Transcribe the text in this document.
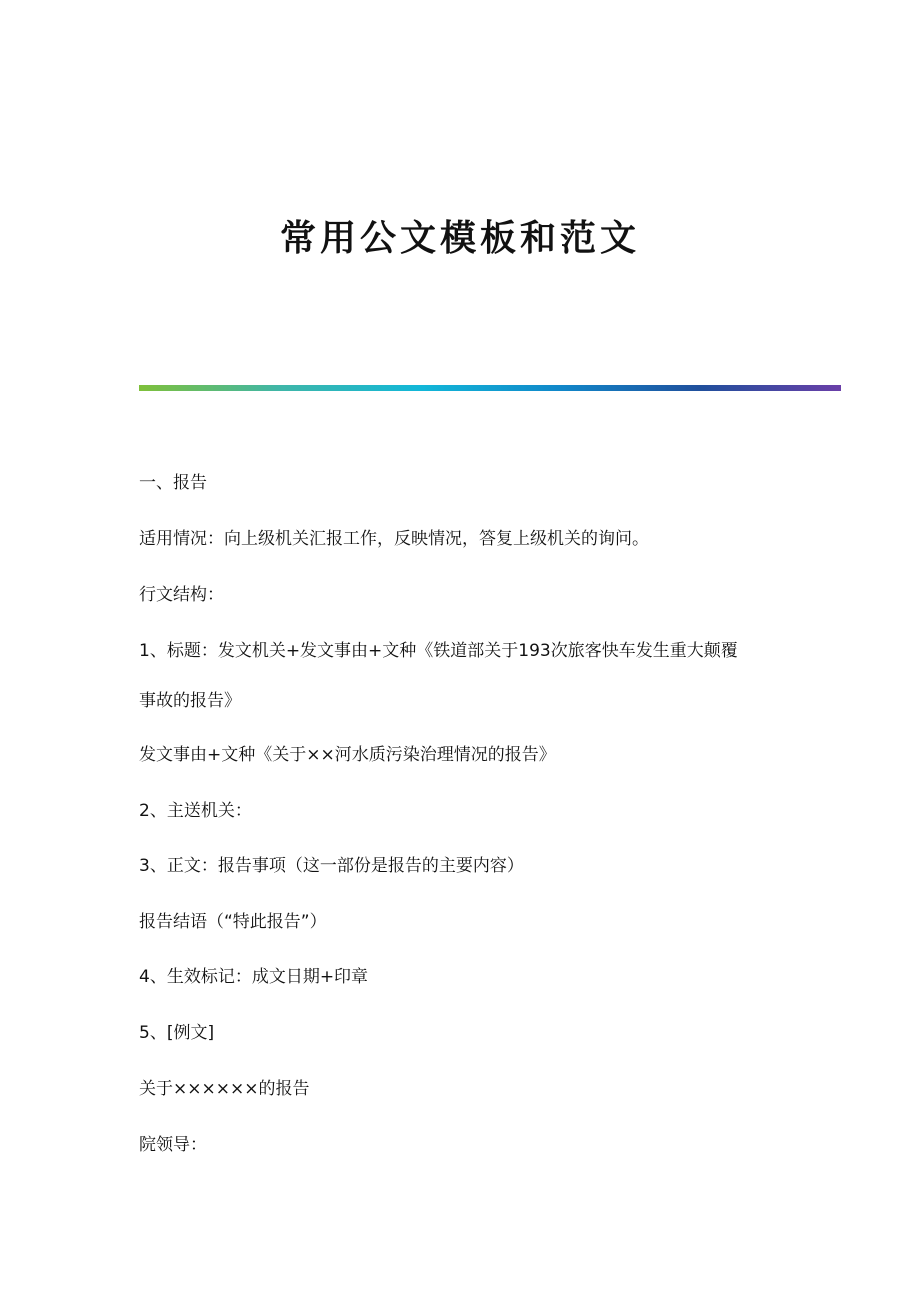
常用公文模板和范文
一、报告
适用情况：向上级机关汇报工作，反映情况，答复上级机关的询问。
行文结构：
1、标题：发文机关+发文事由+文种《铁道部关于193次旅客快车发生重大颠覆
事故的报告》
发文事由+文种《关于××河水质污染治理情况的报告》
2、主送机关：
3、正文：报告事项（这一部份是报告的主要内容）
报告结语（“特此报告”）
4、生效标记：成文日期+印章
5、[例文]
关于××××××的报告
院领导：
